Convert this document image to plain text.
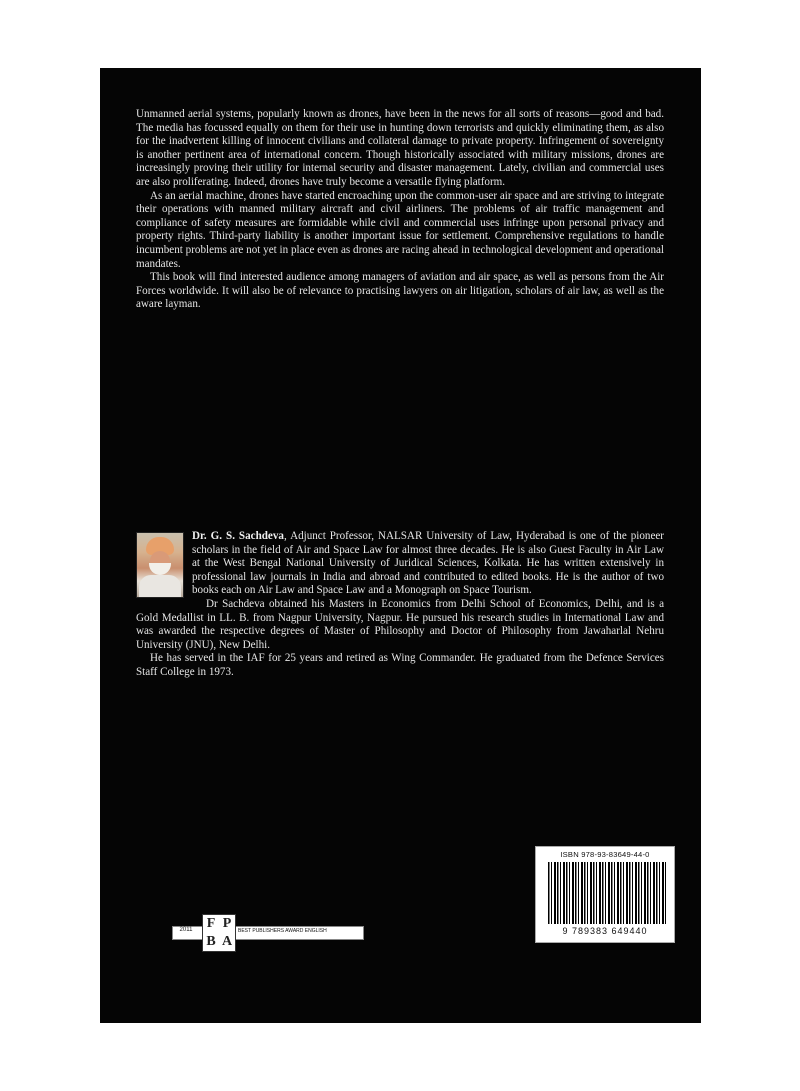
Unmanned aerial systems, popularly known as drones, have been in the news for all sorts of reasons—good and bad. The media has focussed equally on them for their use in hunting down terrorists and quickly eliminating them, as also for the inadvertent killing of innocent civilians and collateral damage to private property. Infringement of sovereignty is another pertinent area of international concern. Though historically associated with military missions, drones are increasingly proving their utility for internal security and disaster management. Lately, civilian and commercial uses are also proliferating. Indeed, drones have truly become a versatile flying platform.

As an aerial machine, drones have started encroaching upon the common-user air space and are striving to integrate their operations with manned military aircraft and civil airliners. The problems of air traffic management and compliance of safety measures are formidable while civil and commercial uses infringe upon personal privacy and property rights. Third-party liability is another important issue for settlement. Comprehensive regulations to handle incumbent problems are not yet in place even as drones are racing ahead in technological development and operational mandates.

This book will find interested audience among managers of aviation and air space, as well as persons from the Air Forces worldwide. It will also be of relevance to practising lawyers on air litigation, scholars of air law, as well as the aware layman.

Dr. G. S. Sachdeva, Adjunct Professor, NALSAR University of Law, Hyderabad is one of the pioneer scholars in the field of Air and Space Law for almost three decades. He is also Guest Faculty in Air Law at the West Bengal National University of Juridical Sciences, Kolkata. He has written extensively in professional law journals in India and abroad and contributed to edited books. He is the author of two books each on Air Law and Space Law and a Monograph on Space Tourism.

Dr Sachdeva obtained his Masters in Economics from Delhi School of Economics, Delhi, and is a Gold Medallist in LL. B. from Nagpur University, Nagpur. He pursued his research studies in International Law and was awarded the respective degrees of Master of Philosophy and Doctor of Philosophy from Jawaharlal Nehru University (JNU), New Delhi.

He has served in the IAF for 25 years and retired as Wing Commander. He graduated from the Defence Services Staff College in 1973.

2011	F P
B A
BEST PUBLISHERS AWARD ENGLISH
ISBN 978-93-83649-44-0
9 789383 649440
